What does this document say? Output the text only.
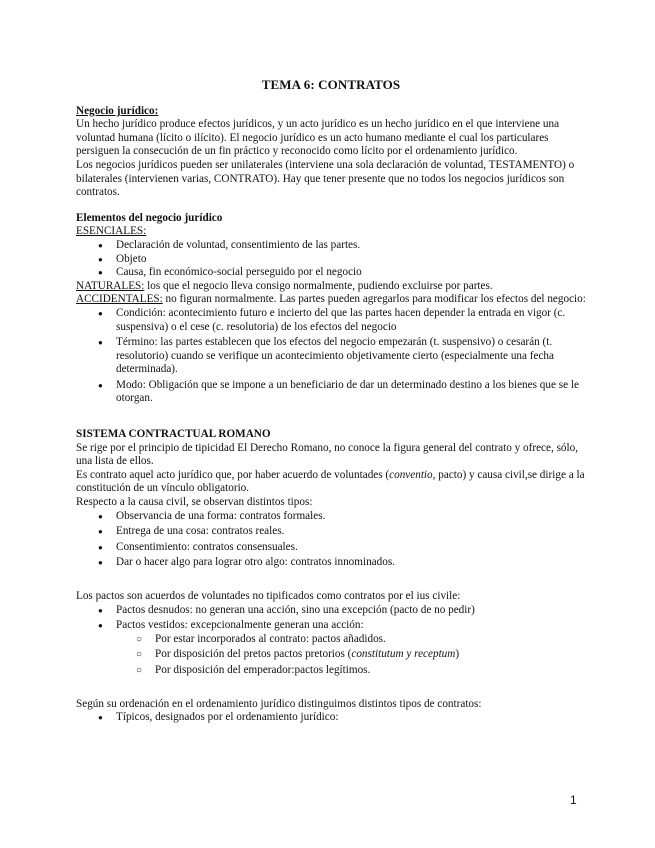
TEMA 6: CONTRATOS

Negocio jurídico:

Un hecho jurídico produce efectos jurídicos, y un acto jurídico es un hecho jurídico en el que interviene una voluntad humana (lícito o ilícito). El negocio jurídico es un acto humano mediante el cual los particulares persiguen la consecución de un fin práctico y reconocido como lícito por el ordenamiento jurídico.

Los negocios jurídicos pueden ser unilaterales (interviene una sola declaración de voluntad, TESTAMENTO) o bilaterales (intervienen varias, CONTRATO). Hay que tener presente que no todos los negocios jurídicos son contratos.

Elementos del negocio jurídico

ESENCIALES:

● Declaración de voluntad, consentimiento de las partes.
● Objeto
● Causa, fin económico-social perseguido por el negocio

NATURALES: los que el negocio lleva consigo normalmente, pudiendo excluirse por partes.

ACCIDENTALES: no figuran normalmente. Las partes pueden agregarlos para modificar los efectos del negocio:

● Condición: acontecimiento futuro e incierto del que las partes hacen depender la entrada en vigor (c. suspensiva) o el cese (c. resolutoria) de los efectos del negocio
● Término: las partes establecen que los efectos del negocio empezarán (t. suspensivo) o cesarán (t. resolutorio) cuando se verifique un acontecimiento objetivamente cierto (especialmente una fecha determinada).
● Modo: Obligación que se impone a un beneficiario de dar un determinado destino a los bienes que se le otorgan.

SISTEMA CONTRACTUAL ROMANO

Se rige por el principio de tipicidad El Derecho Romano, no conoce la figura general del contrato y ofrece, sólo, una lista de ellos.

Es contrato aquel acto jurídico que, por haber acuerdo de voluntades (conventio, pacto) y causa civil,se dirige a la constitución de un vínculo obligatorio.

Respecto a la causa civil, se observan distintos tipos:

● Observancia de una forma: contratos formales.
● Entrega de una cosa: contratos reales.
● Consentimiento: contratos consensuales.
● Dar o hacer algo para lograr otro algo: contratos innominados.

Los pactos son acuerdos de voluntades no tipificados como contratos por el ius civile:

● Pactos desnudos: no generan una acción, sino una excepción (pacto de no pedir)
● Pactos vestidos: excepcionalmente generan una acción:
○ Por estar incorporados al contrato: pactos añadidos.
○ Por disposición del pretos pactos pretorios (constitutum y receptum)
○ Por disposición del emperador:pactos legítimos.

Según su ordenación en el ordenamiento jurídico distinguimos distintos tipos de contratos:

● Típicos, designados por el ordenamiento jurídico:
1
